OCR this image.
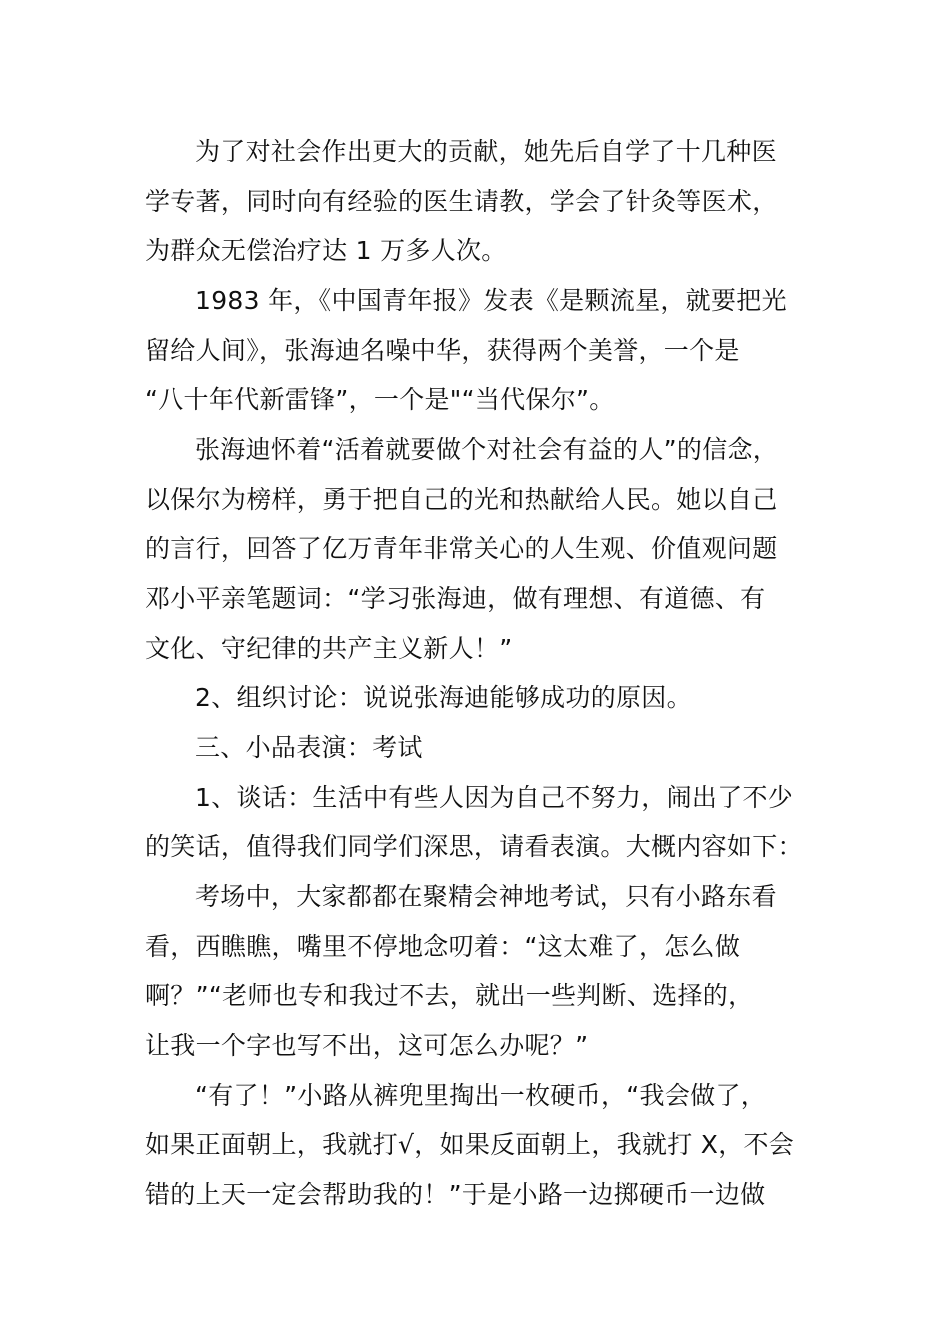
为了对社会作出更大的贡献，她先后自学了十几种医
学专著，同时向有经验的医生请教，学会了针灸等医术，
为群众无偿治疗达 1 万多人次。
1983 年，《中国青年报》发表《是颗流星，就要把光
留给人间》，张海迪名噪中华，获得两个美誉，一个是
“八十年代新雷锋”，一个是"“当代保尔”。
张海迪怀着“活着就要做个对社会有益的人”的信念，
以保尔为榜样，勇于把自己的光和热献给人民。她以自己
的言行，回答了亿万青年非常关心的人生观、价值观问题
邓小平亲笔题词：“学习张海迪，做有理想、有道德、有
文化、守纪律的共产主义新人！”
2、组织讨论：说说张海迪能够成功的原因。
三、小品表演：考试
1、谈话：生活中有些人因为自己不努力，闹出了不少
的笑话，值得我们同学们深思，请看表演。大概内容如下：
考场中，大家都都在聚精会神地考试，只有小路东看
看，西瞧瞧，嘴里不停地念叨着：“这太难了，怎么做
啊？”“老师也专和我过不去，就出一些判断、选择的，
让我一个字也写不出，这可怎么办呢？”
“有了！”小路从裤兜里掏出一枚硬币，“我会做了，
如果正面朝上，我就打√，如果反面朝上，我就打 X，不会
错的上天一定会帮助我的！”于是小路一边掷硬币一边做
